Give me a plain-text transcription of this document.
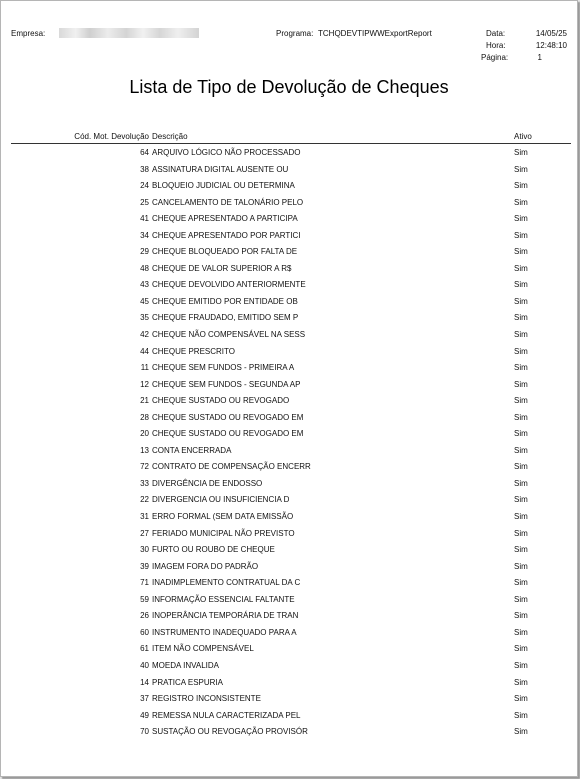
Empresa:	Programa: TCHQDEVTIPWWExportReport	Data:	14/05/25
Hora:	12:48:10
Página:	1
Lista de Tipo de Devolução de Cheques
Cód. Mot. Devolução Descrição	Ativo
64 ARQUIVO LÓGICO NÃO PROCESSADO	Sim
38 ASSINATURA DIGITAL AUSENTE OU	Sim
24 BLOQUEIO JUDICIAL OU DETERMINA	Sim
25 CANCELAMENTO DE TALONÁRIO PELO	Sim
41 CHEQUE APRESENTADO A PARTICIPA	Sim
34 CHEQUE APRESENTADO POR PARTICI	Sim
29 CHEQUE BLOQUEADO POR FALTA DE	Sim
48 CHEQUE DE VALOR SUPERIOR A R$	Sim
43 CHEQUE DEVOLVIDO ANTERIORMENTE	Sim
45 CHEQUE EMITIDO POR ENTIDADE OB	Sim
35 CHEQUE FRAUDADO, EMITIDO SEM P	Sim
42 CHEQUE NÃO COMPENSÁVEL NA SESS	Sim
44 CHEQUE PRESCRITO	Sim
11 CHEQUE SEM FUNDOS - PRIMEIRA A	Sim
12 CHEQUE SEM FUNDOS - SEGUNDA AP	Sim
21 CHEQUE SUSTADO OU REVOGADO	Sim
28 CHEQUE SUSTADO OU REVOGADO EM	Sim
20 CHEQUE SUSTADO OU REVOGADO EM	Sim
13 CONTA ENCERRADA	Sim
72 CONTRATO DE COMPENSAÇÃO ENCERR	Sim
33 DIVERGÊNCIA DE ENDOSSO	Sim
22 DIVERGENCIA OU INSUFICIENCIA D	Sim
31 ERRO FORMAL (SEM DATA EMISSÃO	Sim
27 FERIADO MUNICIPAL NÃO PREVISTO	Sim
30 FURTO OU ROUBO DE CHEQUE	Sim
39 IMAGEM FORA DO PADRÃO	Sim
71 INADIMPLEMENTO CONTRATUAL DA C	Sim
59 INFORMAÇÃO ESSENCIAL FALTANTE	Sim
26 INOPERÂNCIA TEMPORÁRIA DE TRAN	Sim
60 INSTRUMENTO INADEQUADO PARA A	Sim
61 ITEM NÃO COMPENSÁVEL	Sim
40 MOEDA INVALIDA	Sim
14 PRATICA ESPURIA	Sim
37 REGISTRO INCONSISTENTE	Sim
49 REMESSA NULA CARACTERIZADA PEL	Sim
70 SUSTAÇÃO OU REVOGAÇÃO PROVISÓR	Sim
